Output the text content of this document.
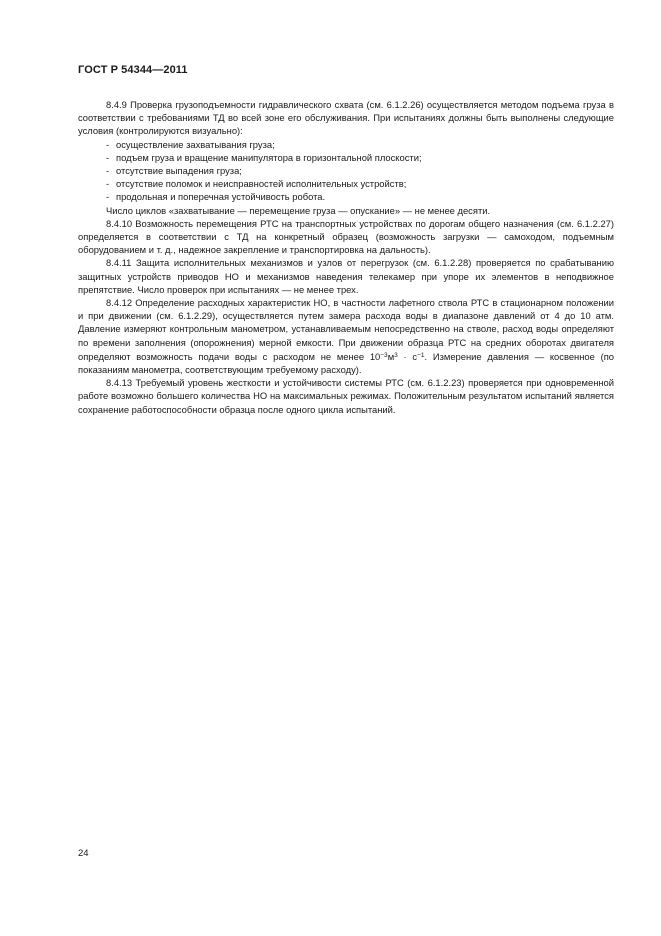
ГОСТ Р 54344—2011

8.4.9 Проверка грузоподъемности гидравлического схвата (см. 6.1.2.26) осуществляется методом подъема груза в соответствии с требованиями ТД во всей зоне его обслуживания. При испытаниях должны быть выполнены следующие условия (контролируются визуально):

- осуществление захватывания груза;
- подъем груза и вращение манипулятора в горизонтальной плоскости;
- отсутствие выпадения груза;
- отсутствие поломок и неисправностей исполнительных устройств;
- продольная и поперечная устойчивость робота.

Число циклов «захватывание — перемещение груза — опускание» — не менее десяти.

8.4.10 Возможность перемещения РТС на транспортных устройствах по дорогам общего назначения (см. 6.1.2.27) определяется в соответствии с ТД на конкретный образец (возможность загрузки — самоходом, подъемным оборудованием и т. д., надежное закрепление и транспортировка на дальность).

8.4.11 Защита исполнительных механизмов и узлов от перегрузок (см. 6.1.2.28) проверяется по срабатыванию защитных устройств приводов НО и механизмов наведения телекамер при упоре их элементов в неподвижное препятствие. Число проверок при испытаниях — не менее трех.

8.4.12 Определение расходных характеристик НО, в частности лафетного ствола РТС в стационарном положении и при движении (см. 6.1.2.29), осуществляется путем замера расхода воды в диапазоне давлений от 4 до 10 атм. Давление измеряют контрольным манометром, устанавливаемым непосредственно на стволе, расход воды определяют по времени заполнения (опорожнения) мерной емкости. При движении образца РТС на средних оборотах двигателя определяют возможность подачи воды с расходом не менее $10^{-3}м^3 \cdot с^{-1}$. Измерение давления — косвенное (по показаниям манометра, соответствующим требуемому расходу).

8.4.13 Требуемый уровень жесткости и устойчивости системы РТС (см. 6.1.2.23) проверяется при одновременной работе возможно большего количества НО на максимальных режимах. Положительным результатом испытаний является сохранение работоспособности образца после одного цикла испытаний.

24
